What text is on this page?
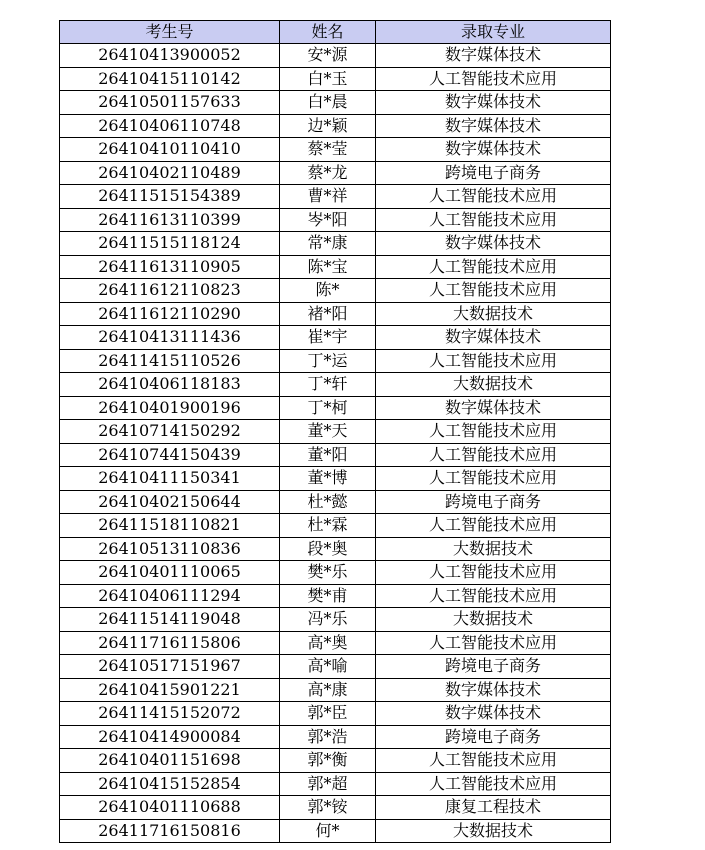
考生号	姓名	录取专业
26410413900052	安*源	数字媒体技术
26410415110142	白*玉	人工智能技术应用
26410501157633	白*晨	数字媒体技术
26410406110748	边*颖	数字媒体技术
26410410110410	蔡*莹	数字媒体技术
26410402110489	蔡*龙	跨境电子商务
26411515154389	曹*祥	人工智能技术应用
26411613110399	岑*阳	人工智能技术应用
26411515118124	常*康	数字媒体技术
26411613110905	陈*宝	人工智能技术应用
26411612110823	陈*	人工智能技术应用
26411612110290	褚*阳	大数据技术
26410413111436	崔*宇	数字媒体技术
26411415110526	丁*运	人工智能技术应用
26410406118183	丁*轩	大数据技术
26410401900196	丁*柯	数字媒体技术
26410714150292	董*天	人工智能技术应用
26410744150439	董*阳	人工智能技术应用
26410411150341	董*博	人工智能技术应用
26410402150644	杜*懿	跨境电子商务
26411518110821	杜*霖	人工智能技术应用
26410513110836	段*奥	大数据技术
26410401110065	樊*乐	人工智能技术应用
26410406111294	樊*甫	人工智能技术应用
26411514119048	冯*乐	大数据技术
26411716115806	高*奥	人工智能技术应用
26410517151967	高*喻	跨境电子商务
26410415901221	高*康	数字媒体技术
26411415152072	郭*臣	数字媒体技术
26410414900084	郭*浩	跨境电子商务
26410401151698	郭*衡	人工智能技术应用
26410415152854	郭*超	人工智能技术应用
26410401110688	郭*铵	康复工程技术
26411716150816	何*	大数据技术
